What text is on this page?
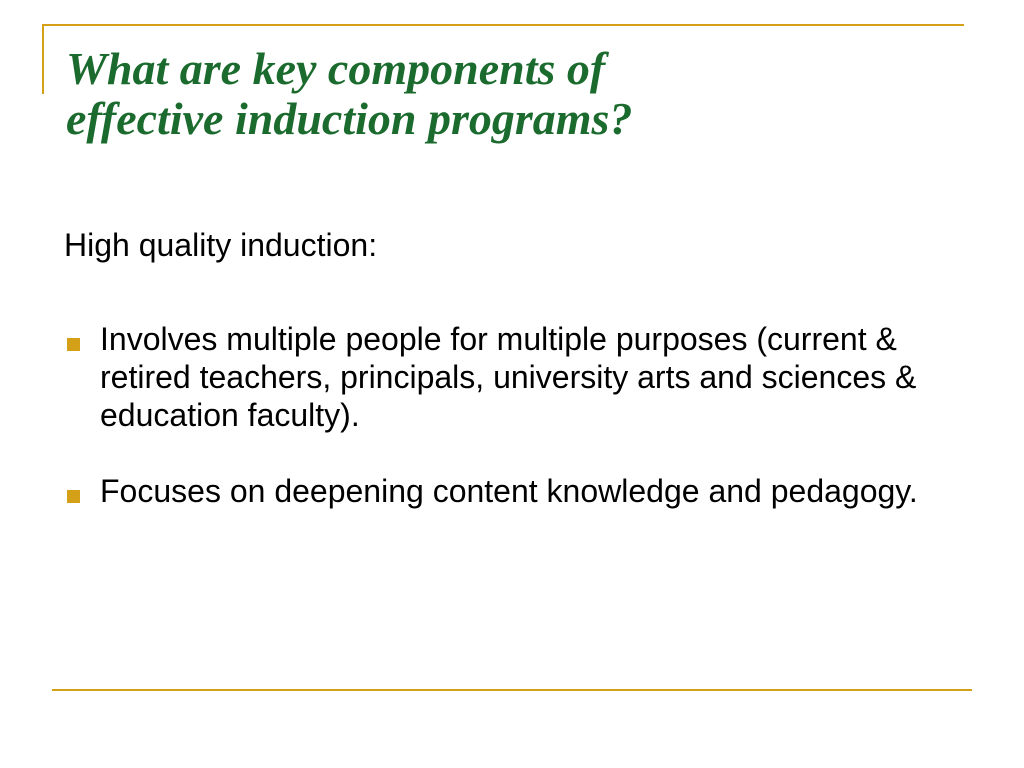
What are key components of
effective induction programs?

High quality induction:

Involves multiple people for multiple purposes (current & retired teachers, principals, university arts and sciences & education faculty).
Focuses on deepening content knowledge and pedagogy.
